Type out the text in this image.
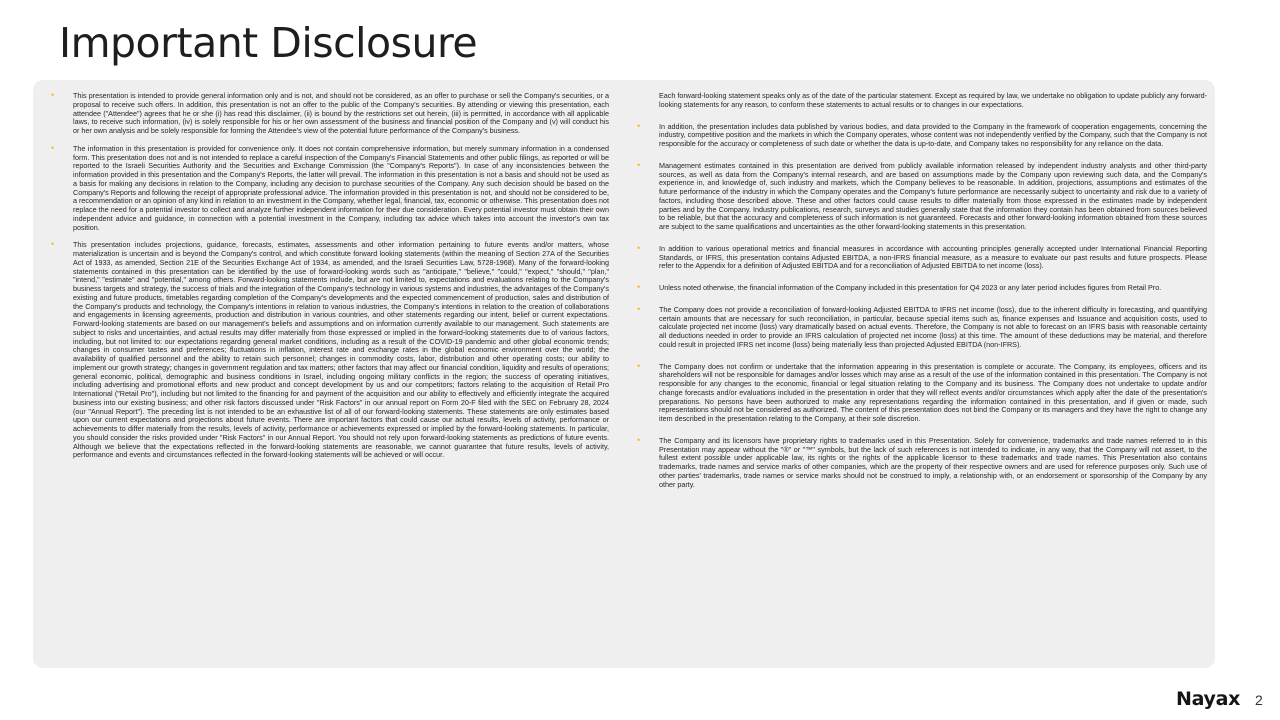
Important Disclosure

•	This presentation is intended to provide general information only and is not, and should not be considered, as an offer to purchase or sell the Company's securities, or a proposal to receive such offers. In addition, this presentation is not an offer to the public of the Company's securities. By attending or viewing this presentation, each attendee ("Attendee") agrees that he or she (i) has read this disclaimer, (ii) is bound by the restrictions set out herein, (iii) is permitted, in accordance with all applicable laws, to receive such information, (iv) is solely responsible for his or her own assessment of the business and financial position of the Company and (v) will conduct his or her own analysis and be solely responsible for forming the Attendee's view of the potential future performance of the Company's business.

•	The information in this presentation is provided for convenience only. It does not contain comprehensive information, but merely summary information in a condensed form. This presentation does not and is not intended to replace a careful inspection of the Company's Financial Statements and other public filings, as reported or will be reported to the Israeli Securities Authority and the Securities and Exchange Commission (the "Company's Reports"). In case of any inconsistencies between the information provided in this presentation and the Company's Reports, the latter will prevail. The information in this presentation is not a basis and should not be used as a basis for making any decisions in relation to the Company, including any decision to purchase securities of the Company. Any such decision should be based on the Company's Reports and following the receipt of appropriate professional advice. The information provided in this presentation is not, and should not be considered to be, a recommendation or an opinion of any kind in relation to an investment in the Company, whether legal, financial, tax, economic or otherwise. This presentation does not replace the need for a potential investor to collect and analyze further independent information for their due consideration. Every potential investor must obtain their own independent advice and guidance, in connection with a potential investment in the Company, including tax advice which takes into account the investor's own tax position.

•	This presentation includes projections, guidance, forecasts, estimates, assessments and other information pertaining to future events and/or matters, whose materialization is uncertain and is beyond the Company's control, and which constitute forward looking statements (within the meaning of Section 27A of the Securities Act of 1933, as amended, Section 21E of the Securities Exchange Act of 1934, as amended, and the Israeli Securities Law, 5728-1968). Many of the forward-looking statements contained in this presentation can be identified by the use of forward-looking words such as "anticipate," "believe," "could," "expect," "should," "plan," "intend," "estimate" and "potential," among others. Forward-looking statements include, but are not limited to, expectations and evaluations relating to the Company's business targets and strategy, the success of trials and the integration of the Company's technology in various systems and industries, the advantages of the Company's existing and future products, timetables regarding completion of the Company's developments and the expected commencement of production, sales and distribution of the Company's products and technology, the Company's intentions in relation to various industries, the Company's intentions in relation to the creation of collaborations and engagements in licensing agreements, production and distribution in various countries, and other statements regarding our intent, belief or current expectations. Forward-looking statements are based on our management's beliefs and assumptions and on information currently available to our management. Such statements are subject to risks and uncertainties, and actual results may differ materially from those expressed or implied in the forward-looking statements due to of various factors, including, but not limited to: our expectations regarding general market conditions, including as a result of the COVID-19 pandemic and other global economic trends; changes in consumer tastes and preferences; fluctuations in inflation, interest rate and exchange rates in the global economic environment over the world; the availability of qualified personnel and the ability to retain such personnel; changes in commodity costs, labor, distribution and other operating costs; our ability to implement our growth strategy; changes in government regulation and tax matters; other factors that may affect our financial condition, liquidity and results of operations; general economic, political, demographic and business conditions in Israel, including ongoing military conflicts in the region; the success of operating initiatives, including advertising and promotional efforts and new product and concept development by us and our competitors; factors relating to the acquisition of Retail Pro International ("Retail Pro"), including but not limited to the financing for and payment of the acquisition and our ability to effectively and efficiently integrate the acquired business into our existing business; and other risk factors discussed under "Risk Factors" in our annual report on Form 20-F filed with the SEC on February 28, 2024 (our "Annual Report"). The preceding list is not intended to be an exhaustive list of all of our forward-looking statements. These statements are only estimates based upon our current expectations and projections about future events. There are important factors that could cause our actual results, levels of activity, performance or achievements to differ materially from the results, levels of activity, performance or achievements expressed or implied by the forward-looking statements. In particular, you should consider the risks provided under "Risk Factors" in our Annual Report. You should not rely upon forward-looking statements as predictions of future events. Although we believe that the expectations reflected in the forward-looking statements are reasonable, we cannot guarantee that future results, levels of activity, performance and events and circumstances reflected in the forward-looking statements will be achieved or will occur.

Each forward-looking statement speaks only as of the date of the particular statement. Except as required by law, we undertake no obligation to update publicly any forward-looking statements for any reason, to conform these statements to actual results or to changes in our expectations.

•	In addition, the presentation includes data published by various bodies, and data provided to the Company in the framework of cooperation engagements, concerning the industry, competitive position and the markets in which the Company operates, whose content was not independently verified by the Company, such that the Company is not responsible for the accuracy or completeness of such date or whether the data is up-to-date, and Company takes no responsibility for any reliance on the data.

•	Management estimates contained in this presentation are derived from publicly available information released by independent industry analysts and other third-party sources, as well as data from the Company's internal research, and are based on assumptions made by the Company upon reviewing such data, and the Company's experience in, and knowledge of, such industry and markets, which the Company believes to be reasonable. In addition, projections, assumptions and estimates of the future performance of the industry in which the Company operates and the Company's future performance are necessarily subject to uncertainty and risk due to a variety of factors, including those described above. These and other factors could cause results to differ materially from those expressed in the estimates made by independent parties and by the Company. Industry publications, research, surveys and studies generally state that the information they contain has been obtained from sources believed to be reliable, but that the accuracy and completeness of such information is not guaranteed. Forecasts and other forward-looking information obtained from these sources are subject to the same qualifications and uncertainties as the other forward-looking statements in this presentation.

•	In addition to various operational metrics and financial measures in accordance with accounting principles generally accepted under International Financial Reporting Standards, or IFRS, this presentation contains Adjusted EBITDA, a non-IFRS financial measure, as a measure to evaluate our past results and future prospects. Please refer to the Appendix for a definition of Adjusted EBITDA and for a reconciliation of Adjusted EBITDA to net income (loss).

•	Unless noted otherwise, the financial information of the Company included in this presentation for Q4 2023 or any later period includes figures from Retail Pro.

•	The Company does not provide a reconciliation of forward-looking Adjusted EBITDA to IFRS net income (loss), due to the inherent difficulty in forecasting, and quantifying certain amounts that are necessary for such reconciliation, in particular, because special items such as, finance expenses and Issuance and acquisition costs, used to calculate projected net income (loss) vary dramatically based on actual events. Therefore, the Company is not able to forecast on an IFRS basis with reasonable certainty all deductions needed in order to provide an IFRS calculation of projected net income (loss) at this time. The amount of these deductions may be material, and therefore could result in projected IFRS net income (loss) being materially less than projected Adjusted EBITDA (non-IFRS).

•	The Company does not confirm or undertake that the information appearing in this presentation is complete or accurate. The Company, its employees, officers and its shareholders will not be responsible for damages and/or losses which may arise as a result of the use of the information contained in this presentation. The Company is not responsible for any changes to the economic, financial or legal situation relating to the Company and its business. The Company does not undertake to update and/or change forecasts and/or evaluations included in the presentation in order that they will reflect events and/or circumstances which apply after the date of the presentation's preparations. No persons have been authorized to make any representations regarding the information contained in this presentation, and if given or made, such representations should not be considered as authorized. The content of this presentation does not bind the Company or its managers and they have the right to change any item described in the presentation relating to the Company, at their sole discretion.

•	The Company and its licensors have proprietary rights to trademarks used in this Presentation. Solely for convenience, trademarks and trade names referred to in this Presentation may appear without the "®" or "™" symbols, but the lack of such references is not intended to indicate, in any way, that the Company will not assert, to the fullest extent possible under applicable law, its rights or the rights of the applicable licensor to these trademarks and trade names. This Presentation also contains trademarks, trade names and service marks of other companies, which are the property of their respective owners and are used for reference purposes only. Such use of other parties' trademarks, trade names or service marks should not be construed to imply, a relationship with, or an endorsement or sponsorship of the Company by any other party.

Nayax 2
